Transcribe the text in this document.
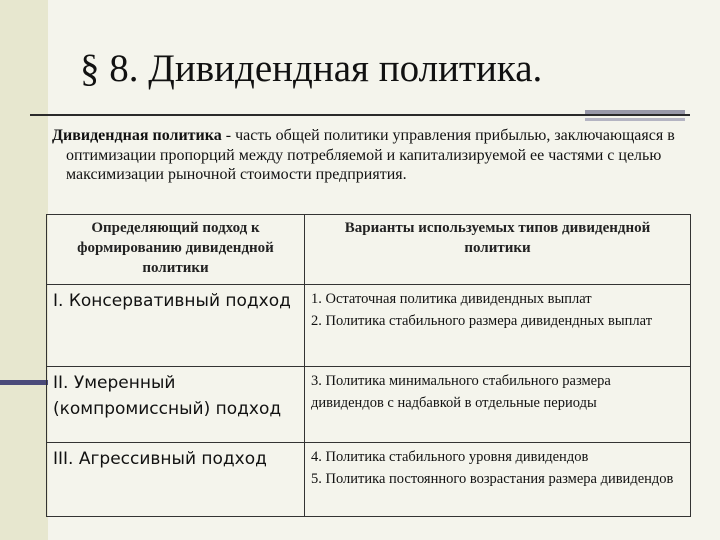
§ 8. Дивидендная политика.
Дивидендная политика - часть общей политики управления прибылью, заключающаяся в оптимизации пропорций между потребляемой и капитализируемой ее частями с целью максимизации рыночной стоимости предприятия.
Определяющий подход к формированию дивидендной политики	Варианты используемых типов дивидендной политики
I. Консервативный подход	1. Остаточная политика дивидендных выплат
2. Политика стабильного размера дивидендных выплат

II. Умеренный (компромиссный) подход	3. Политика минимального стабильного размера дивидендов с надбавкой в отдельные периоды

III. Агрессивный подход	4. Политика стабильного уровня дивидендов
5. Политика постоянного возрастания размера дивидендов
